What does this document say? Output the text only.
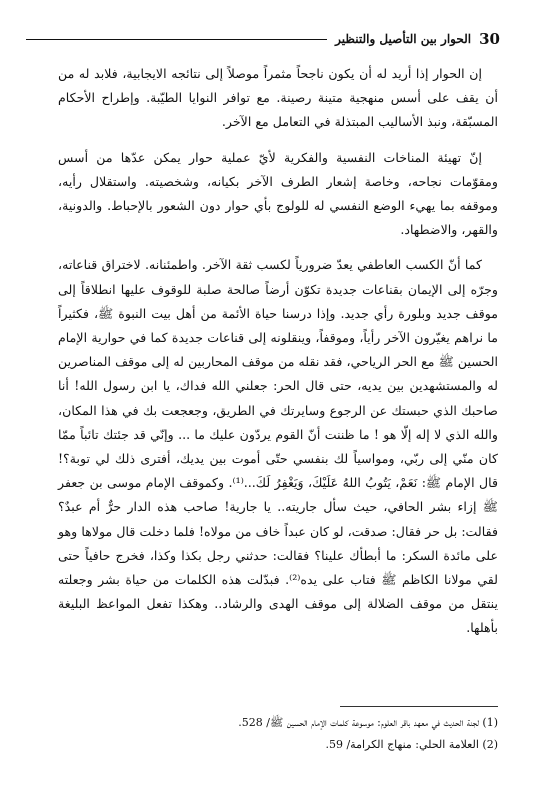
30
الحوار بين التأصيل والتنظير

إن الحوار إذا أريد له أن يكون ناجحاً مثمراً موصلاً إلى نتائجه الايجابية، فلابد له من أن يقف على أسس منهجية متينة رصينة. مع توافر النوايا الطيّبة. وإطراح الأحكام المسبّقة، ونبذ الأساليب المبتذلة في التعامل مع الآخر.

إنّ تهيئة المناخات النفسية والفكرية لأيّ عملية حوار يمكن عدّها من أسس ومقوّمات نجاحه، وخاصة إشعار الطرف الآخر بكيانه، وشخصيته. واستقلال رأيه، وموقفه بما يهيء الوضع النفسي له للولوج بأي حوار دون الشعور بالإحباط. والدونية، والقهر، والاضطهاد.

كما أنّ الكسب العاطفي يعدّ ضرورياً لكسب ثقة الآخر. واطمئنانه. لاختراق قناعاته، وجرّه إلى الإيمان بقناعات جديدة تكوّن أرضاً صالحة صلبة للوقوف عليها انطلاقاً إلى موقف جديد وبلورة رأي جديد. وإذا درسنا حياة الأئمة من أهل بيت النبوة ﷺ، فكثيراً ما نراهم يغيّرون الآخر رأياً، وموقفاً، وينقلونه إلى قناعات جديدة كما في حوارية الإمام الحسين ﷺ مع الحر الرياحي، فقد نقله من موقف المحاربين له إلى موقف المناصرين له والمستشهدين بين يديه، حتى قال الحر: جعلني الله فداك، يا ابن رسول الله! أنا صاحبك الذي حبستك عن الرجوع وسايرتك في الطريق، وجعجعت بك في هذا المكان، والله الذي لا إله إلّا هو ! ما ظننت أنّ القوم يردّون عليك ما ... وإنّي قد جئتك تائباً ممّا كان منّي إلى ربّي، ومواسياً لك بنفسي حتّى أموت بين يديك، أفترى ذلك لي توبة؟! قال الإمام ﷺ: نَعَمْ، يَتُوبُ اللهُ عَلَيْكَ، وَيَغْفِرُ لَكَ...⁽¹⁾. وكموقف الإمام موسى بن جعفر ﷺ إزاء بشر الحافي، حيث سأل جاريته.. يا جارية! صاحب هذه الدار حرٌّ أم عبدٌ؟ فقالت: بل حر فقال: صدقت، لو كان عبداً خاف من مولاه! فلما دخلت قال مولاها وهو على مائدة السكر: ما أبطأك علينا؟ فقالت: حدثني رجل بكذا وكذا، فخرج حافياً حتى لقي مولانا الكاظم ﷺ فتاب على يده⁽²⁾. فبدّلت هذه الكلمات من حياة بشر وجعلته ينتقل من موقف الضلالة إلى موقف الهدى والرشاد.. وهكذا تفعل المواعظ البليغة بأهلها.

(1) لجنة الحديث في معهد باقر العلوم: موسوعة كلمات الإمام الحسين ﷺ/ 528.
(2) العلامة الحلي: منهاج الكرامة/ 59.
